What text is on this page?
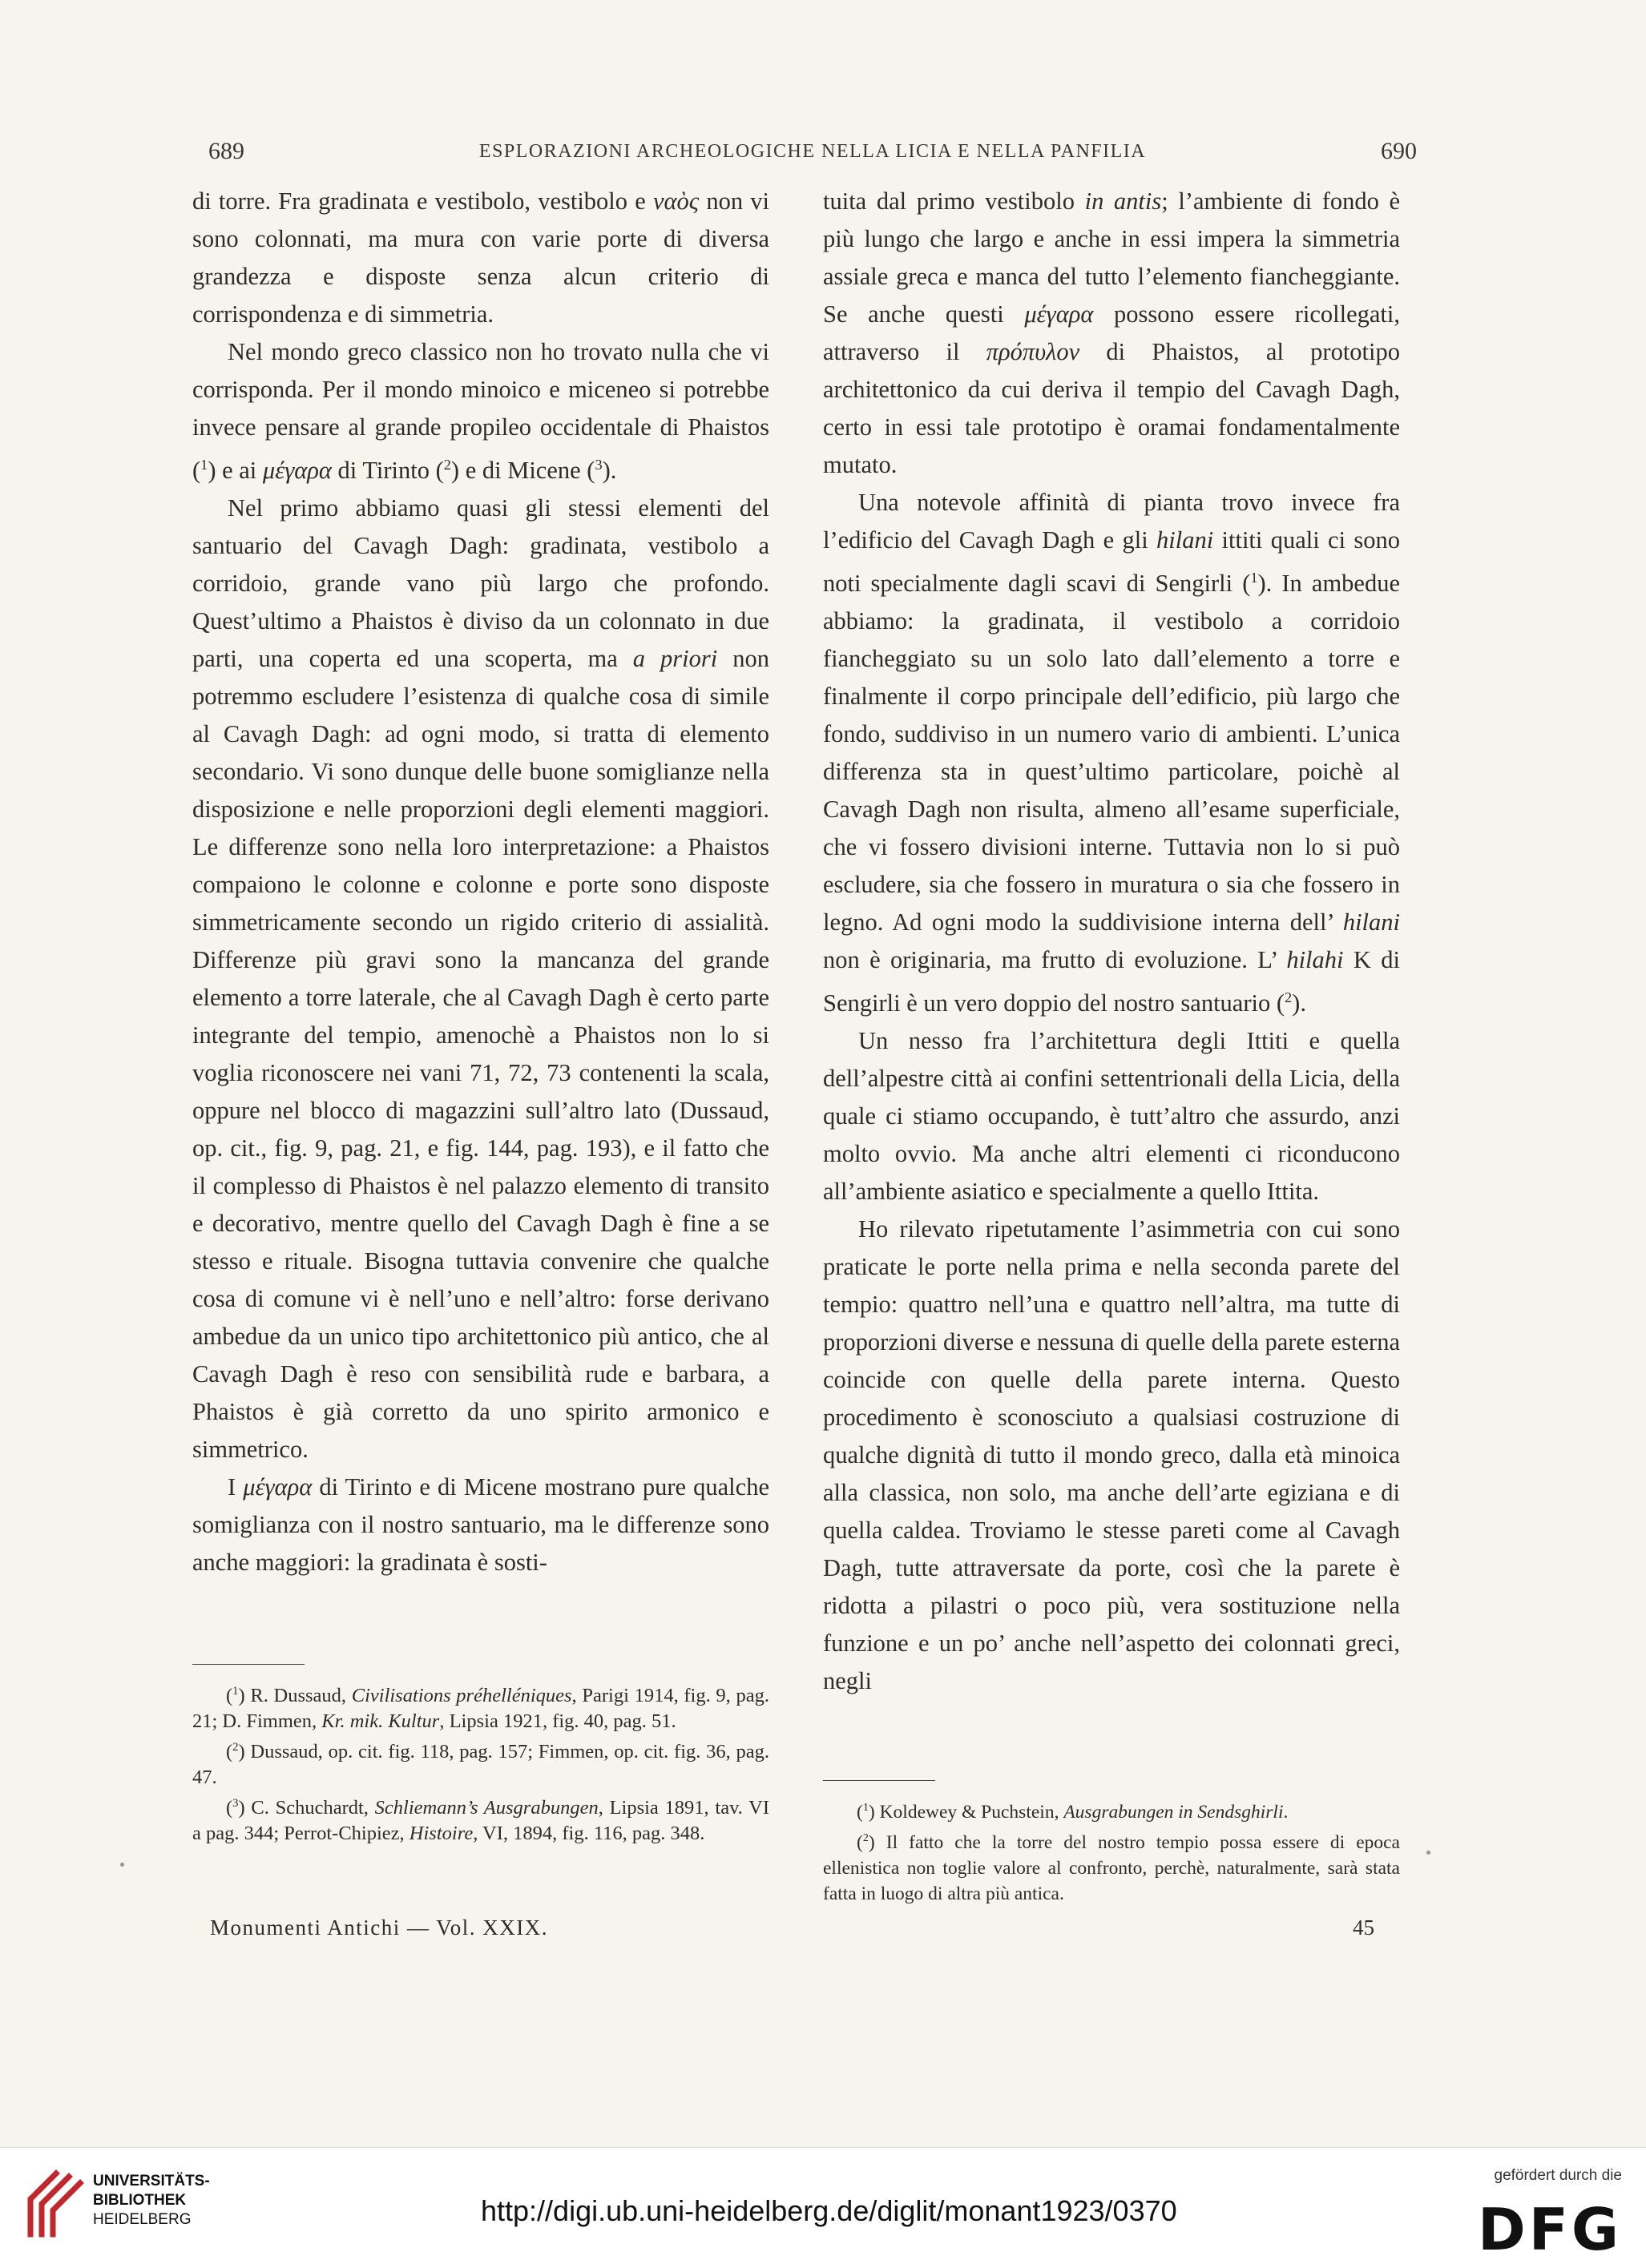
689	ESPLORAZIONI ARCHEOLOGICHE NELLA LICIA E NELLA PANFILIA	690

di torre. Fra gradinata e vestibolo, vestibolo e ναὸς non vi sono colonnati, ma mura con varie porte di diversa grandezza e disposte senza alcun criterio di corrispondenza e di simmetria.

Nel mondo greco classico non ho trovato nulla che vi corrisponda. Per il mondo minoico e miceneo si potrebbe invece pensare al grande propileo occidentale di Phaistos ($^1$) e ai μέγαρα di Tirinto ($^2$) e di Micene ($^3$).

Nel primo abbiamo quasi gli stessi elementi del santuario del Cavagh Dagh: gradinata, vestibolo a corridoio, grande vano più largo che profondo. Quest’ultimo a Phaistos è diviso da un colonnato in due parti, una coperta ed una scoperta, ma a priori non potremmo escludere l’esistenza di qualche cosa di simile al Cavagh Dagh: ad ogni modo, si tratta di elemento secondario. Vi sono dunque delle buone somiglianze nella disposizione e nelle proporzioni degli elementi maggiori. Le differenze sono nella loro interpretazione: a Phaistos compaiono le colonne e colonne e porte sono disposte simmetricamente secondo un rigido criterio di assialità. Differenze più gravi sono la mancanza del grande elemento a torre laterale, che al Cavagh Dagh è certo parte integrante del tempio, amenochè a Phaistos non lo si voglia riconoscere nei vani 71, 72, 73 contenenti la scala, oppure nel blocco di magazzini sull’altro lato (Dussaud, op. cit., fig. 9, pag. 21, e fig. 144, pag. 193), e il fatto che il complesso di Phaistos è nel palazzo elemento di transito e decorativo, mentre quello del Cavagh Dagh è fine a se stesso e rituale. Bisogna tuttavia convenire che qualche cosa di comune vi è nell’uno e nell’altro: forse derivano ambedue da un unico tipo architettonico più antico, che al Cavagh Dagh è reso con sensibilità rude e barbara, a Phaistos è già corretto da uno spirito armonico e simmetrico.

I μέγαρα di Tirinto e di Micene mostrano pure qualche somiglianza con il nostro santuario, ma le differenze sono anche maggiori: la gradinata è sosti-

tuita dal primo vestibolo in antis; l’ambiente di fondo è più lungo che largo e anche in essi impera la simmetria assiale greca e manca del tutto l’elemento fiancheggiante. Se anche questi μέγαρα possono essere ricollegati, attraverso il πρόπυλον di Phaistos, al prototipo architettonico da cui deriva il tempio del Cavagh Dagh, certo in essi tale prototipo è oramai fondamentalmente mutato.

Una notevole affinità di pianta trovo invece fra l’edificio del Cavagh Dagh e gli hilani ittiti quali ci sono noti specialmente dagli scavi di Sengirli ($^1$). In ambedue abbiamo: la gradinata, il vestibolo a corridoio fiancheggiato su un solo lato dall’elemento a torre e finalmente il corpo principale dell’edificio, più largo che fondo, suddiviso in un numero vario di ambienti. L’unica differenza sta in quest’ultimo particolare, poichè al Cavagh Dagh non risulta, almeno all’esame superficiale, che vi fossero divisioni interne. Tuttavia non lo si può escludere, sia che fossero in muratura o sia che fossero in legno. Ad ogni modo la suddivisione interna dell’ hilani non è originaria, ma frutto di evoluzione. L’ hilahi K di Sengirli è un vero doppio del nostro santuario ($^2$).

Un nesso fra l’architettura degli Ittiti e quella dell’alpestre città ai confini settentrionali della Licia, della quale ci stiamo occupando, è tutt’altro che assurdo, anzi molto ovvio. Ma anche altri elementi ci riconducono all’ambiente asiatico e specialmente a quello Ittita.

Ho rilevato ripetutamente l’asimmetria con cui sono praticate le porte nella prima e nella seconda parete del tempio: quattro nell’una e quattro nell’altra, ma tutte di proporzioni diverse e nessuna di quelle della parete esterna coincide con quelle della parete interna. Questo procedimento è sconosciuto a qualsiasi costruzione di qualche dignità di tutto il mondo greco, dalla età minoica alla classica, non solo, ma anche dell’arte egiziana e di quella caldea. Troviamo le stesse pareti come al Cavagh Dagh, tutte attraversate da porte, così che la parete è ridotta a pilastri o poco più, vera sostituzione nella funzione e un po’ anche nell’aspetto dei colonnati greci, negli

($^1$) R. Dussaud, Civilisations préhelléniques, Parigi 1914, fig. 9, pag. 21; D. Fimmen, Kr. mik. Kultur, Lipsia 1921, fig. 40, pag. 51.

($^2$) Dussaud, op. cit. fig. 118, pag. 157; Fimmen, op. cit. fig. 36, pag. 47.

($^3$) C. Schuchardt, Schliemann’s Ausgrabungen, Lipsia 1891, tav. VI a pag. 344; Perrot-Chipiez, Histoire, VI, 1894, fig. 116, pag. 348.

($^1$) Koldewey & Puchstein, Ausgrabungen in Sendsghirli.

($^2$) Il fatto che la torre del nostro tempio possa essere di epoca ellenistica non toglie valore al confronto, perchè, naturalmente, sarà stata fatta in luogo di altra più antica.

Monumenti Antichi — Vol. XXIX.	45
UNIVERSITÄTS-
BIBLIOTHEK
HEIDELBERG	http://digi.ub.uni-heidelberg.de/diglit/monant1923/0370
gefördert durch die
DFG
